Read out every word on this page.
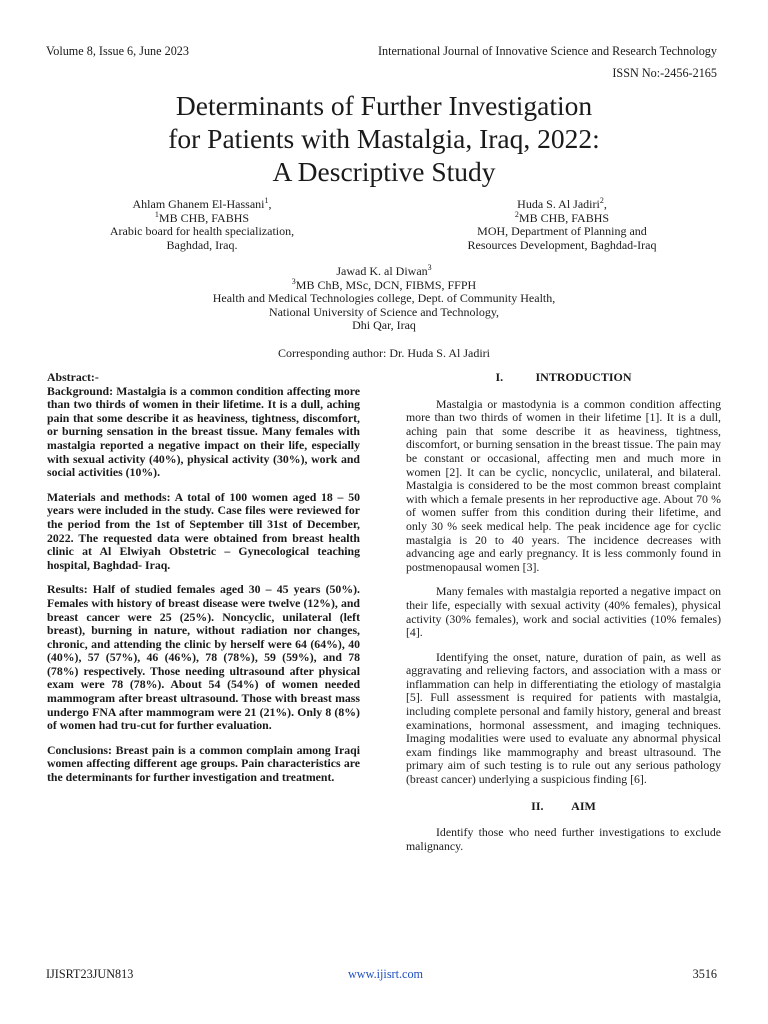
Volume 8, Issue 6, June 2023	International Journal of Innovative Science and Research Technology
ISSN No:-2456-2165
Determinants of Further Investigation
for Patients with Mastalgia, Iraq, 2022:
A Descriptive Study
Ahlam Ghanem El-Hassani$^1$,
$^1$MB CHB, FABHS
Arabic board for health specialization,
Baghdad, Iraq.
Huda S. Al Jadiri$^2$,
$^2$MB CHB, FABHS
MOH, Department of Planning and
Resources Development, Baghdad-Iraq
Jawad K. al Diwan$^3$
$^3$MB ChB, MSc, DCN, FIBMS, FFPH
Health and Medical Technologies college, Dept. of Community Health,
National University of Science and Technology,
Dhi Qar, Iraq
Corresponding author: Dr. Huda S. Al Jadiri

Abstract:-

Background: Mastalgia is a common condition affecting more than two thirds of women in their lifetime. It is a dull, aching pain that some describe it as heaviness, tightness, discomfort, or burning sensation in the breast tissue. Many females with mastalgia reported a negative impact on their life, especially with sexual activity (40%), physical activity (30%), work and social activities (10%).

Materials and methods: A total of 100 women aged 18 – 50 years were included in the study. Case files were reviewed for the period from the 1st of September till 31st of December, 2022. The requested data were obtained from breast health clinic at Al Elwiyah Obstetric – Gynecological teaching hospital, Baghdad- Iraq.

Results: Half of studied females aged 30 – 45 years (50%). Females with history of breast disease were twelve (12%), and breast cancer were 25 (25%). Noncyclic, unilateral (left breast), burning in nature, without radiation nor changes, chronic, and attending the clinic by herself were 64 (64%), 40 (40%), 57 (57%), 46 (46%), 78 (78%), 59 (59%), and 78 (78%) respectively. Those needing ultrasound after physical exam were 78 (78%). About 54 (54%) of women needed mammogram after breast ultrasound. Those with breast mass undergo FNA after mammogram were 21 (21%). Only 8 (8%) of women had tru-cut for further evaluation.

Conclusions: Breast pain is a common complain among Iraqi women affecting different age groups. Pain characteristics are the determinants for further investigation and treatment.

I.	INTRODUCTION

Mastalgia or mastodynia is a common condition affecting more than two thirds of women in their lifetime [1]. It is a dull, aching pain that some describe it as heaviness, tightness, discomfort, or burning sensation in the breast tissue. The pain may be constant or occasional, affecting men and much more in women [2]. It can be cyclic, noncyclic, unilateral, and bilateral. Mastalgia is considered to be the most common breast complaint with which a female presents in her reproductive age. About 70 % of women suffer from this condition during their lifetime, and only 30 % seek medical help. The peak incidence age for cyclic mastalgia is 20 to 40 years. The incidence decreases with advancing age and early pregnancy. It is less commonly found in postmenopausal women [3].

Many females with mastalgia reported a negative impact on their life, especially with sexual activity (40% females), physical activity (30% females), work and social activities (10% females) [4].

Identifying the onset, nature, duration of pain, as well as aggravating and relieving factors, and association with a mass or inflammation can help in differentiating the etiology of mastalgia [5]. Full assessment is required for patients with mastalgia, including complete personal and family history, general and breast examinations, hormonal assessment, and imaging techniques. Imaging modalities were used to evaluate any abnormal physical exam findings like mammography and breast ultrasound. The primary aim of such testing is to rule out any serious pathology (breast cancer) underlying a suspicious finding [6].

II. AIM

Identify those who need further investigations to exclude malignancy.

IJISRT23JUN813	www.ijisrt.com	3516
